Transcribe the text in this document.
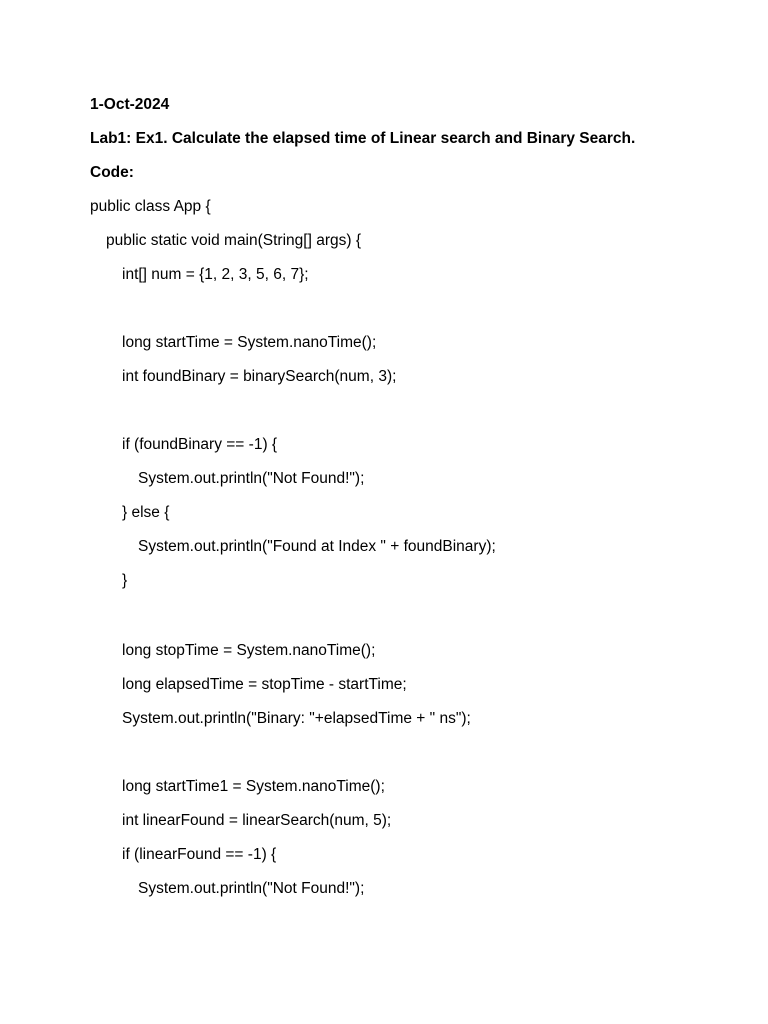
1-Oct-2024
Lab1: Ex1. Calculate the elapsed time of Linear search and Binary Search.
Code:
public class App {
public static void main(String[] args) {
int[] num = {1, 2, 3, 5, 6, 7};
long startTime = System.nanoTime();
int foundBinary = binarySearch(num, 3);
if (foundBinary == -1) {
System.out.println("Not Found!");
} else {
System.out.println("Found at Index " + foundBinary);
}
long stopTime = System.nanoTime();
long elapsedTime = stopTime - startTime;
System.out.println("Binary: "+elapsedTime + " ns");
long startTime1 = System.nanoTime();
int linearFound = linearSearch(num, 5);
if (linearFound == -1) {
System.out.println("Not Found!");
